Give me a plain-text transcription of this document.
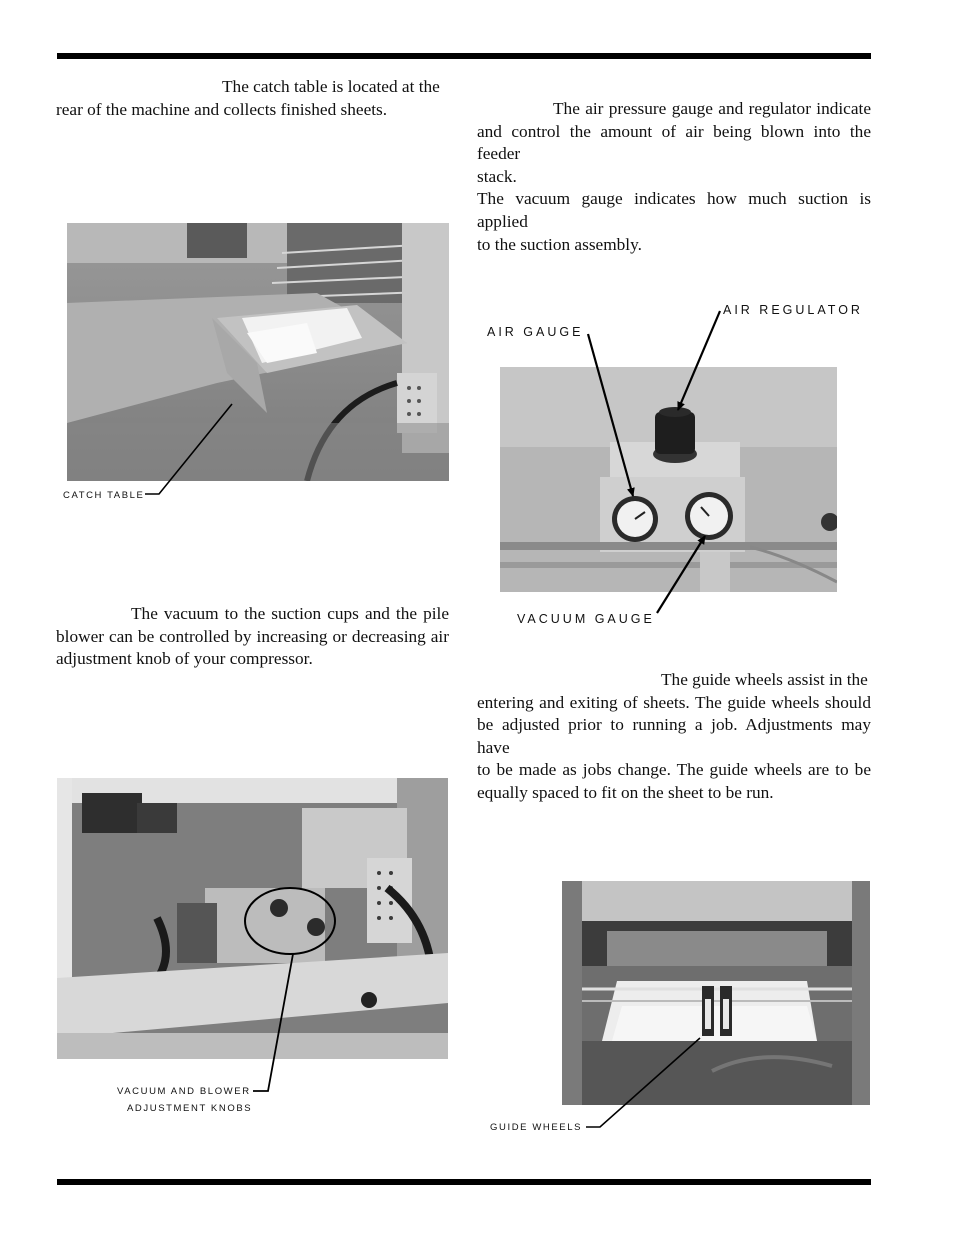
The catch table is located at the
rear of the machine and collects finished sheets.	The air pressure gauge and regulator indicate
and control the amount of air being blown into the feeder
stack.
The vacuum gauge indicates how much suction is applied
to the suction assembly.
The vacuum to the suction cups and the pile
blower can be controlled by increasing or decreasing air
adjustment knob of your compressor.
The guide wheels assist in the
entering and exiting of sheets. The guide wheels should
be adjusted prior to running a job. Adjustments may have
to be made as jobs change. The guide wheels are to be
equally spaced to fit on the sheet to be run.
CATCH TABLE
AIR GAUGE
AIR REGULATOR
VACUUM GAUGE
VACUUM AND BLOWER
ADJUSTMENT KNOBS
GUIDE WHEELS
